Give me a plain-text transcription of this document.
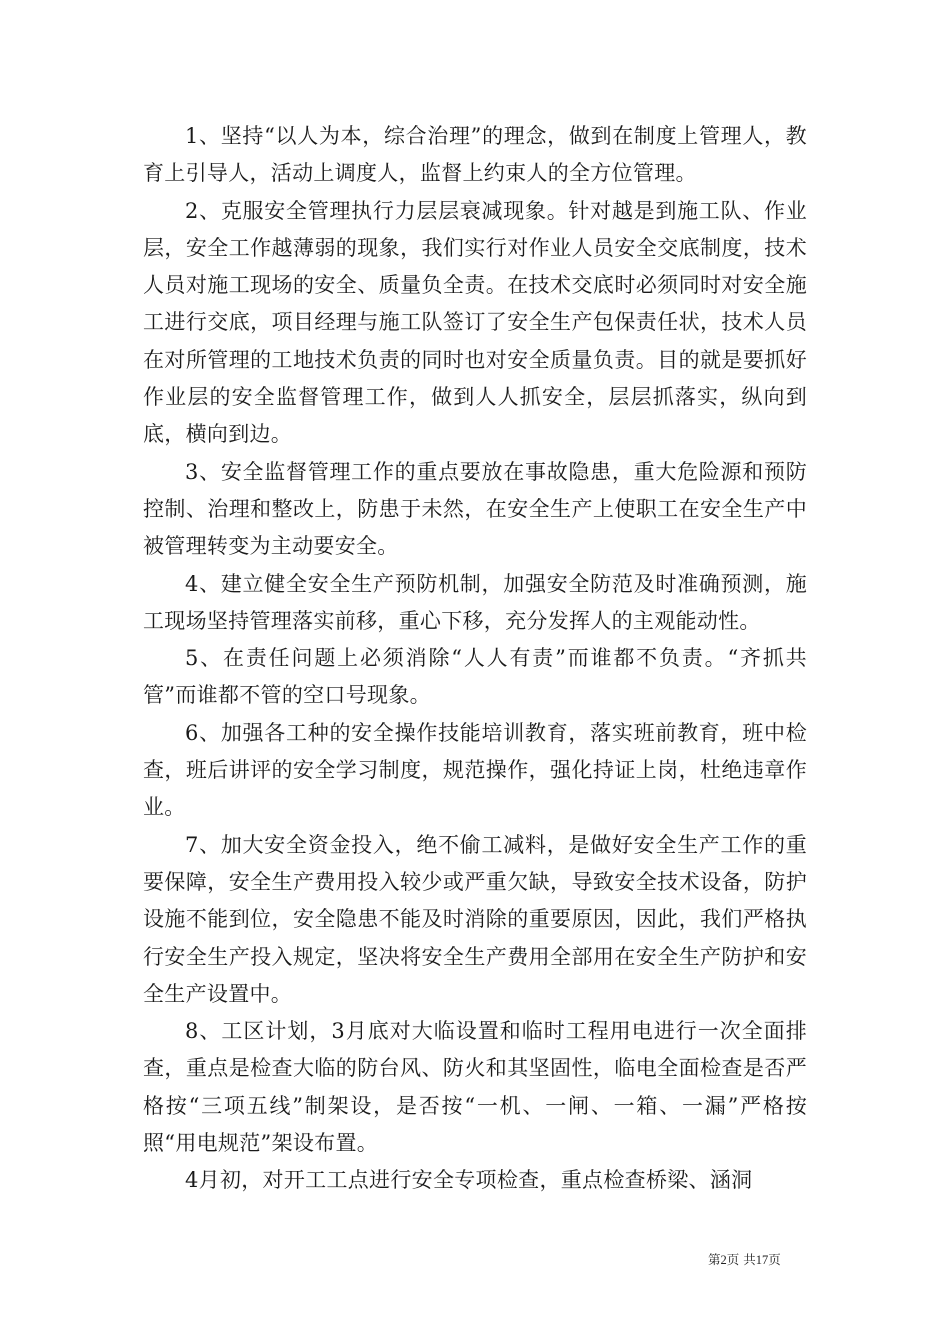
1、坚持“以人为本，综合治理”的理念，做到在制度上管理人，教育上引导人，活动上调度人，监督上约束人的全方位管理。

2、克服安全管理执行力层层衰减现象。针对越是到施工队、作业层，安全工作越薄弱的现象，我们实行对作业人员安全交底制度，技术人员对施工现场的安全、质量负全责。在技术交底时必须同时对安全施工进行交底，项目经理与施工队签订了安全生产包保责任状，技术人员在对所管理的工地技术负责的同时也对安全质量负责。目的就是要抓好作业层的安全监督管理工作，做到人人抓安全，层层抓落实，纵向到底，横向到边。

3、安全监督管理工作的重点要放在事故隐患，重大危险源和预防控制、治理和整改上，防患于未然，在安全生产上使职工在安全生产中被管理转变为主动要安全。

4、建立健全安全生产预防机制，加强安全防范及时准确预测，施工现场坚持管理落实前移，重心下移，充分发挥人的主观能动性。

5、在责任问题上必须消除“人人有责”而谁都不负责。“齐抓共管”而谁都不管的空口号现象。

6、加强各工种的安全操作技能培训教育，落实班前教育，班中检查，班后讲评的安全学习制度，规范操作，强化持证上岗，杜绝违章作业。

7、加大安全资金投入，绝不偷工减料，是做好安全生产工作的重要保障，安全生产费用投入较少或严重欠缺，导致安全技术设备，防护设施不能到位，安全隐患不能及时消除的重要原因，因此，我们严格执行安全生产投入规定，坚决将安全生产费用全部用在安全生产防护和安全生产设置中。

8、工区计划，3月底对大临设置和临时工程用电进行一次全面排查，重点是检查大临的防台风、防火和其坚固性，临电全面检查是否严格按“三项五线”制架设，是否按“一机、一闸、一箱、一漏”严格按照“用电规范”架设布置。

4月初，对开工工点进行安全专项检查，重点检查桥梁、涵洞

第2页 共17页
